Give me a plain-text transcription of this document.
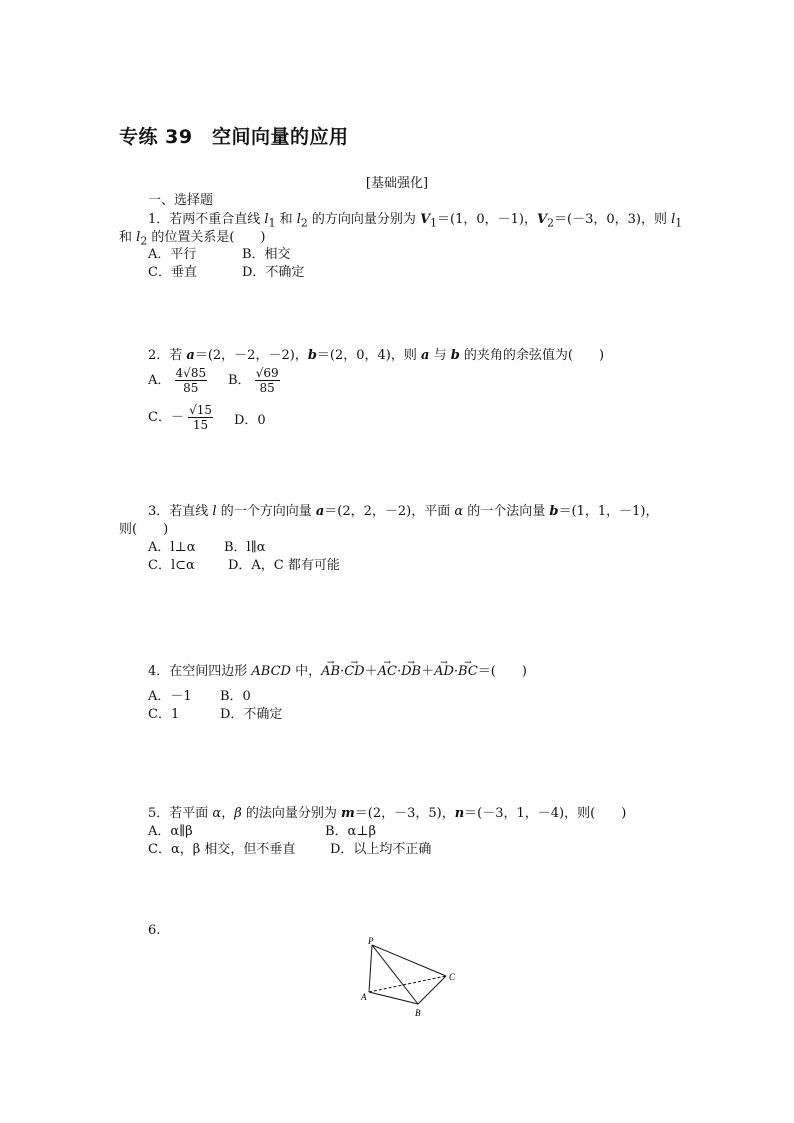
专练 39　空间向量的应用
[基础强化]
一、选择题
1．若两不重合直线 $l_1$ 和 $l_2$ 的方向向量分别为 $V_1=(1$，0，－1)，$V_2=(-3$，0，3)，则 $l_1$
和 $l_2$ 的位置关系是(　　)
A．平行	B．相交
C．垂直	D．不确定
2．若 a＝(2，－2，－2)，b＝(2，0，4)，则 a 与 b 的夹角的余弦值为(　　)
A． $\frac{4√85}{85}$ B． $\frac{√69}{85}$
C．－ $\frac{√15}{15}$ D．0
3．若直线 l 的一个方向向量 a＝(2，2，－2)，平面 α 的一个法向量 b＝(1，1，－1)，
则(　　)
A．l⊥α B．l∥α
C．l⊂α	D．A，C 都有可能
4．在空间四边形 ABCD 中，→ AB·→ CD＋→ AC·→ DB＋→ AD·→ BC＝(　　)
A．－1 B．0
C．1	D．不确定
5．若平面 α，β 的法向量分别为 m＝(2，－3，5)，n＝(－3，1，－4)，则(　　)
A．α∥β	B．α⊥β
C．α，β 相交，但不垂直	D．以上均不正确
6.
P
A
B
C
